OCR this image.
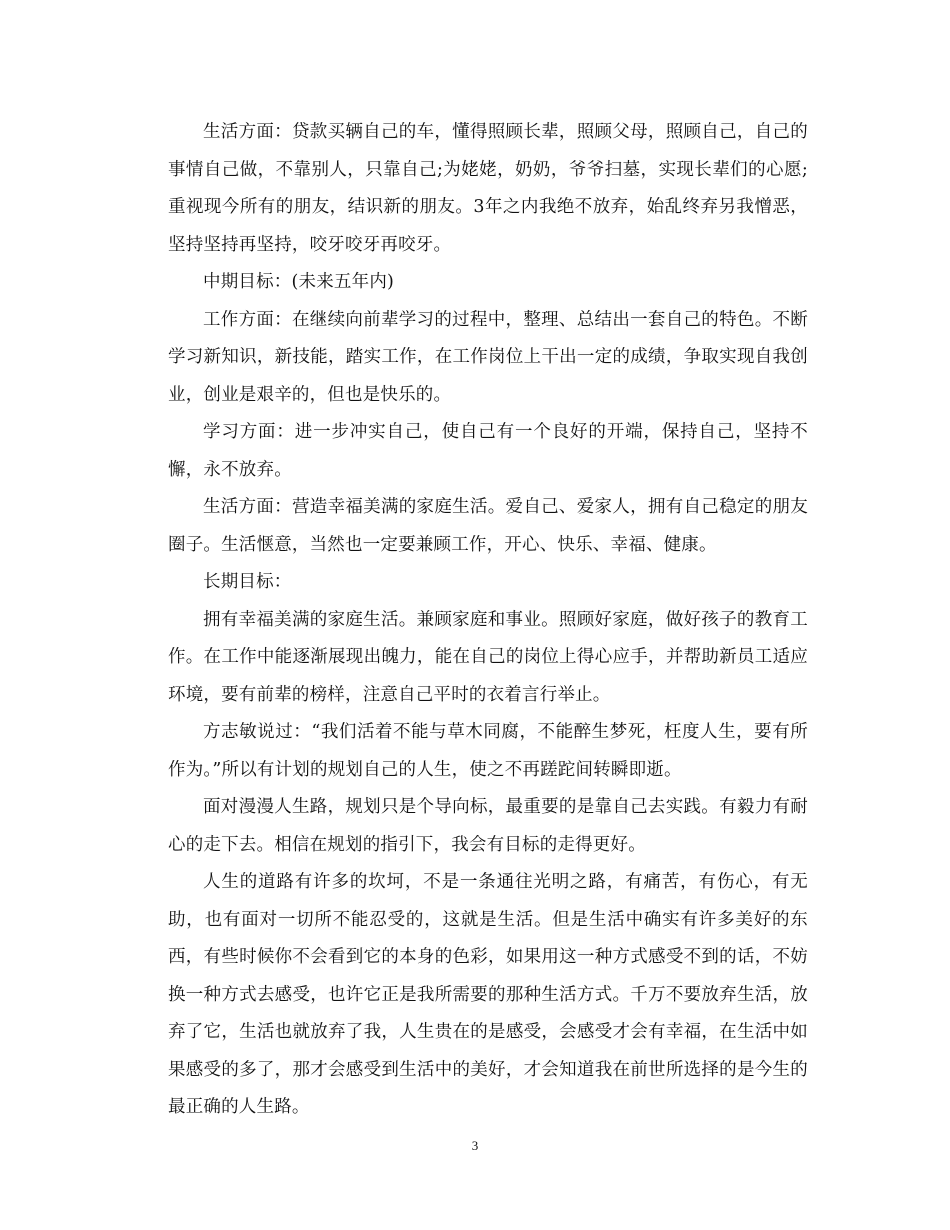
生活方面：贷款买辆自己的车，懂得照顾长辈，照顾父母，照顾自己，自己的事情自己做，不靠别人，只靠自己;为姥姥，奶奶，爷爷扫墓，实现长辈们的心愿;重视现今所有的朋友，结识新的朋友。3年之内我绝不放弃，始乱终弃另我憎恶，坚持坚持再坚持，咬牙咬牙再咬牙。

中期目标：(未来五年内)

工作方面：在继续向前辈学习的过程中，整理、总结出一套自己的特色。不断学习新知识，新技能，踏实工作，在工作岗位上干出一定的成绩，争取实现自我创业，创业是艰辛的，但也是快乐的。

学习方面：进一步冲实自己，使自己有一个良好的开端，保持自己，坚持不懈，永不放弃。

生活方面：营造幸福美满的家庭生活。爱自己、爱家人，拥有自己稳定的朋友圈子。生活惬意，当然也一定要兼顾工作，开心、快乐、幸福、健康。

长期目标：

拥有幸福美满的家庭生活。兼顾家庭和事业。照顾好家庭，做好孩子的教育工作。在工作中能逐渐展现出魄力，能在自己的岗位上得心应手，并帮助新员工适应环境，要有前辈的榜样，注意自己平时的衣着言行举止。

方志敏说过：“我们活着不能与草木同腐，不能醉生梦死，枉度人生，要有所作为。”所以有计划的规划自己的人生，使之不再蹉跎间转瞬即逝。

面对漫漫人生路，规划只是个导向标，最重要的是靠自己去实践。有毅力有耐心的走下去。相信在规划的指引下，我会有目标的走得更好。

人生的道路有许多的坎坷，不是一条通往光明之路，有痛苦，有伤心，有无助，也有面对一切所不能忍受的，这就是生活。但是生活中确实有许多美好的东西，有些时候你不会看到它的本身的色彩，如果用这一种方式感受不到的话，不妨换一种方式去感受，也许它正是我所需要的那种生活方式。千万不要放弃生活，放弃了它，生活也就放弃了我，人生贵在的是感受，会感受才会有幸福，在生活中如果感受的多了，那才会感受到生活中的美好，才会知道我在前世所选择的是今生的最正确的人生路。

3
